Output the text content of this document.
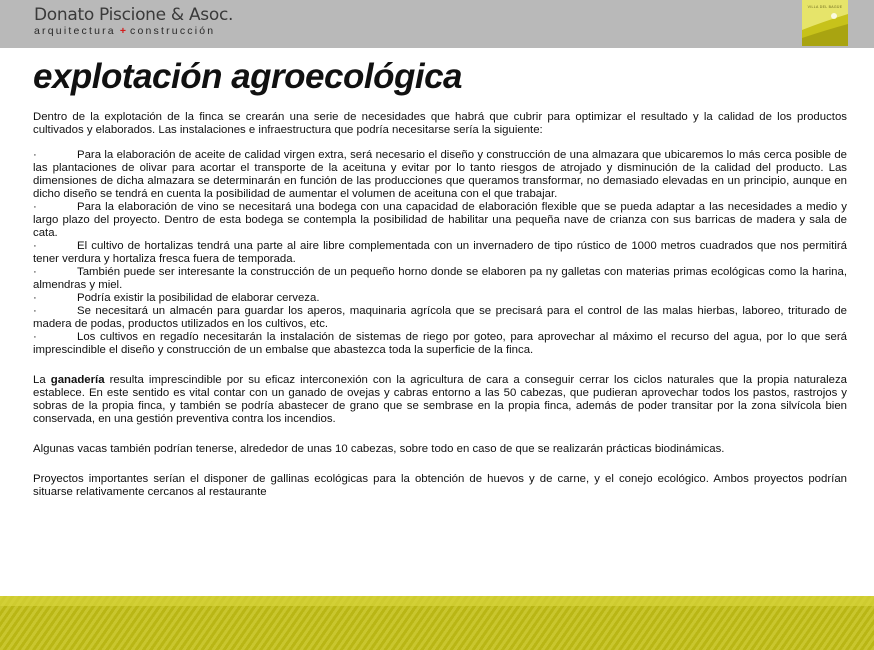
Donato Piscione & Asoc.
arquitectura + construcción
VILLA DEL BAGÜE
explotación agroecológica

Dentro de la explotación de la finca se crearán una serie de necesidades que habrá que cubrir para optimizar el resultado y la calidad de los productos cultivados y elaborados. Las instalaciones e infraestructura que podría necesitarse sería la siguiente:

·	Para la elaboración de aceite de calidad virgen extra, será necesario el diseño y construcción de una almazara que ubicaremos lo más cerca posible de las plantaciones de olivar para acortar el transporte de la aceituna y evitar por lo tanto riesgos de atrojado y disminución de la calidad del producto. Las dimensiones de dicha almazara se determinarán en función de las producciones que queramos transformar, no demasiado elevadas en un principio, aunque en dicho diseño se tendrá en cuenta la posibilidad de aumentar el volumen de aceituna con el que trabajar.
·	Para la elaboración de vino se necesitará una bodega con una capacidad de elaboración flexible que se pueda adaptar a las necesidades a medio y largo plazo del proyecto. Dentro de esta bodega se contempla la posibilidad de habilitar una pequeña nave de crianza con sus barricas de madera y sala de cata.
·	El cultivo de hortalizas tendrá una parte al aire libre complementada con un invernadero de tipo rústico de 1000 metros cuadrados que nos permitirá tener verdura y hortaliza fresca fuera de temporada.
·	También puede ser interesante la construcción de un pequeño horno donde se elaboren pa ny galletas con materias primas ecológicas como la harina, almendras y miel.
·	Podría existir la posibilidad de elaborar cerveza.
·	Se necesitará un almacén para guardar los aperos, maquinaria agrícola que se precisará para el control de las malas hierbas, laboreo, triturado de madera de podas, productos utilizados en los cultivos, etc.
·	Los cultivos en regadío necesitarán la instalación de sistemas de riego por goteo, para aprovechar al máximo el recurso del agua, por lo que será imprescindible el diseño y construcción de un embalse que abastezca toda la superficie de la finca.

La ganadería resulta imprescindible por su eficaz interconexión con la agricultura de cara a conseguir cerrar los ciclos naturales que la propia naturaleza establece. En este sentido es vital contar con un ganado de ovejas y cabras entorno a las 50 cabezas, que pudieran aprovechar todos los pastos, rastrojos y sobras de la propia finca, y también se podría abastecer de grano que se sembrase en la propia finca, además de poder transitar por la zona silvícola bien conservada, en una gestión preventiva contra los incendios.

Algunas vacas también podrían tenerse, alrededor de unas 10 cabezas, sobre todo en caso de que se realizarán prácticas biodinámicas.

Proyectos importantes serían el disponer de gallinas ecológicas para la obtención de huevos y de carne, y el conejo ecológico. Ambos proyectos podrían situarse relativamente cercanos al restaurante
